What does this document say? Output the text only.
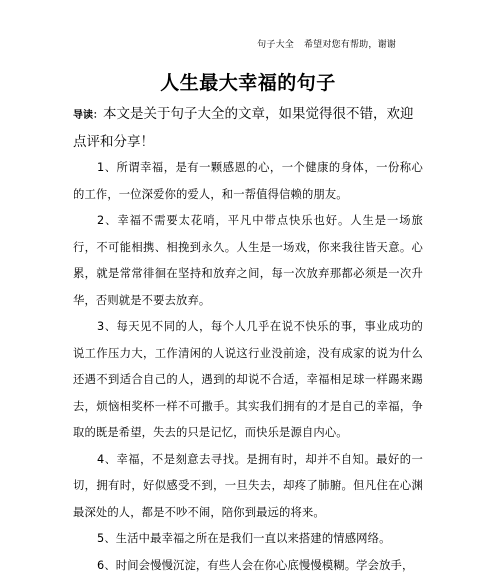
句子大全 希望对您有帮助，谢谢
人生最大幸福的句子

导读：本文是关于句子大全的文章，如果觉得很不错，欢迎点评和分享！

1、所谓幸福，是有一颗感恩的心，一个健康的身体，一份称心的工作，一位深爱你的爱人，和一帮值得信赖的朋友。

2、幸福不需要太花哨，平凡中带点快乐也好。人生是一场旅行，不可能相携、相挽到永久。人生是一场戏，你来我往皆天意。心累，就是常常徘徊在坚持和放弃之间，每一次放弃那都必须是一次升华，否则就是不要去放弃。

3、每天见不同的人，每个人几乎在说不快乐的事，事业成功的说工作压力大，工作清闲的人说这行业没前途，没有成家的说为什么还遇不到适合自己的人，遇到的却说不合适，幸福相足球一样踢来踢去，烦恼相奖杯一样不可撒手。其实我们拥有的才是自己的幸福，争取的既是希望，失去的只是记忆，而快乐是源自内心。

4、幸福，不是刻意去寻找。是拥有时，却并不自知。最好的一切，拥有时，好似感受不到，一旦失去，却疼了肺腑。但凡住在心渊最深处的人，都是不吵不闹，陪你到最远的将来。

5、生活中最幸福之所在是我们一直以来搭建的情感网络。

6、时间会慢慢沉淀，有些人会在你心底慢慢模糊。学会放手，
